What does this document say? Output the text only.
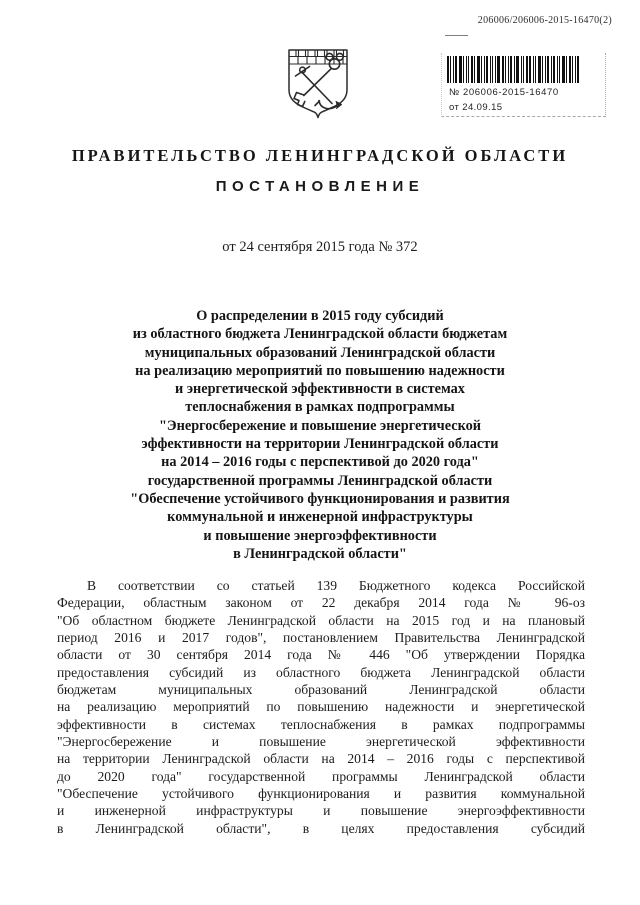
206006/206006-2015-16470(2)
№ 206006-2015-16470
от 24.09.15
ПРАВИТЕЛЬСТВО ЛЕНИНГРАДСКОЙ ОБЛАСТИ
ПОСТАНОВЛЕНИЕ
от 24 сентября 2015 года № 372
О распределении в 2015 году субсидий
из областного бюджета Ленинградской области бюджетам
муниципальных образований Ленинградской области
на реализацию мероприятий по повышению надежности
и энергетической эффективности в системах
теплоснабжения в рамках подпрограммы
"Энергосбережение и повышение энергетической
эффективности на территории Ленинградской области
на 2014 – 2016 годы с перспективой до 2020 года"
государственной программы Ленинградской области
"Обеспечение устойчивого функционирования и развития
коммунальной и инженерной инфраструктуры
и повышение энергоэффективности
в Ленинградской области"
В соответствии со статьей 139 Бюджетного кодекса Российской
Федерации, областным законом от 22 декабря 2014 года № 96-оз
"Об областном бюджете Ленинградской области на 2015 год и на плановый
период 2016 и 2017 годов", постановлением Правительства Ленинградской
области от 30 сентября 2014 года № 446 "Об утверждении Порядка
предоставления субсидий из областного бюджета Ленинградской области
бюджетам муниципальных образований Ленинградской области
на реализацию мероприятий по повышению надежности и энергетической
эффективности в системах теплоснабжения в рамках подпрограммы
"Энергосбережение и повышение энергетической эффективности
на территории Ленинградской области на 2014 – 2016 годы с перспективой
до 2020 года" государственной программы Ленинградской области
"Обеспечение устойчивого функционирования и развития коммунальной
и инженерной инфраструктуры и повышение энергоэффективности
в Ленинградской области", в целях предоставления субсидий
